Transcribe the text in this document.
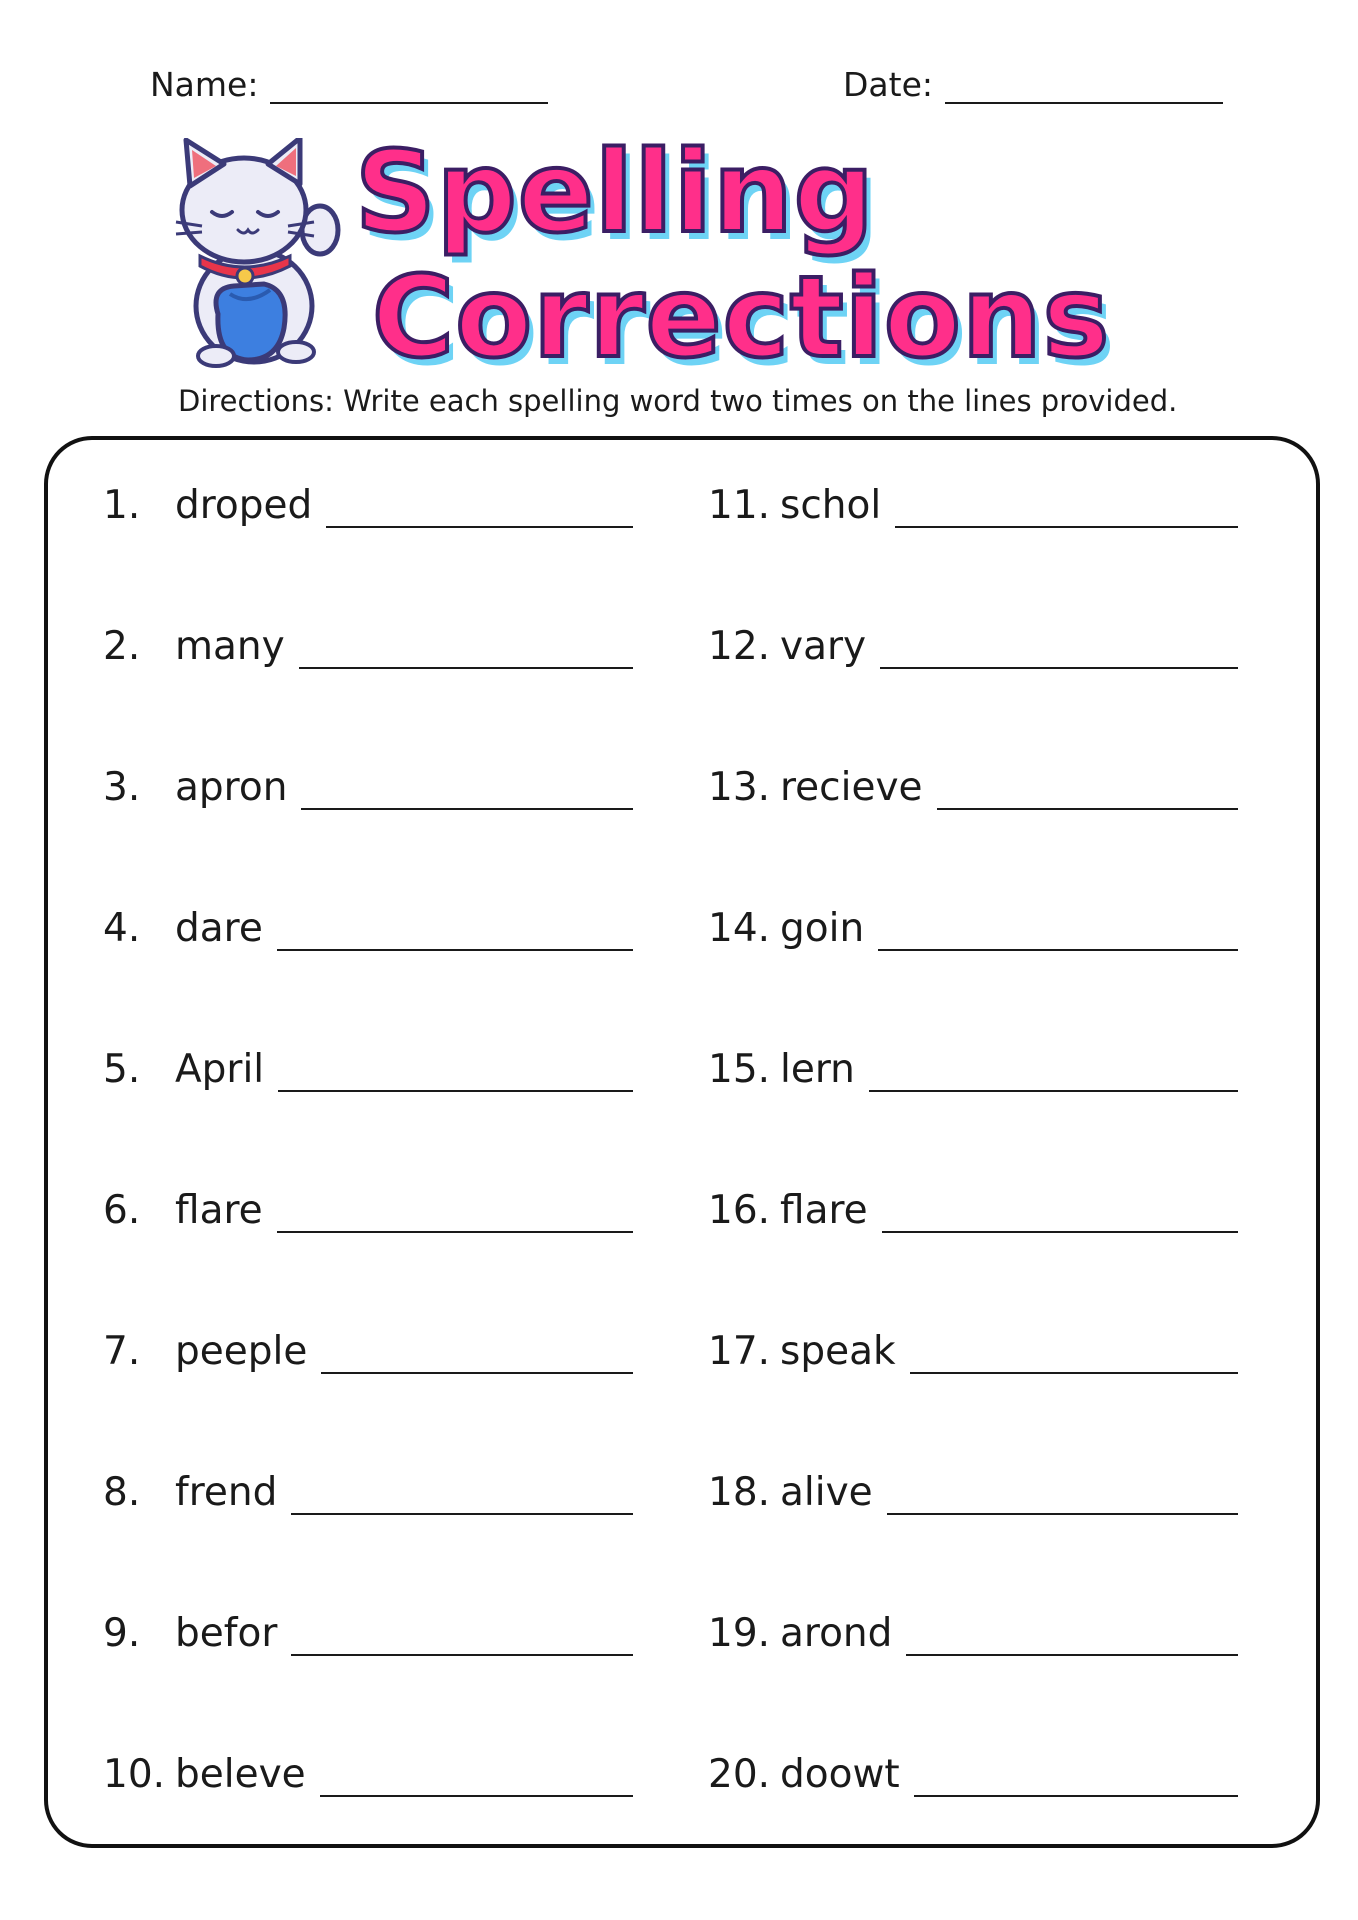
Name:	Date:
Spelling
Corrections
Directions: Write each spelling word two times on the lines provided.
1. droped
2. many
3. apron
4. dare
5. April
6. flare
7. peeple
8. frend
9. befor
10. beleve
11. schol
12. vary
13. recieve
14. goin
15. lern
16. flare
17. speak
18. alive
19. arond
20. doowt
